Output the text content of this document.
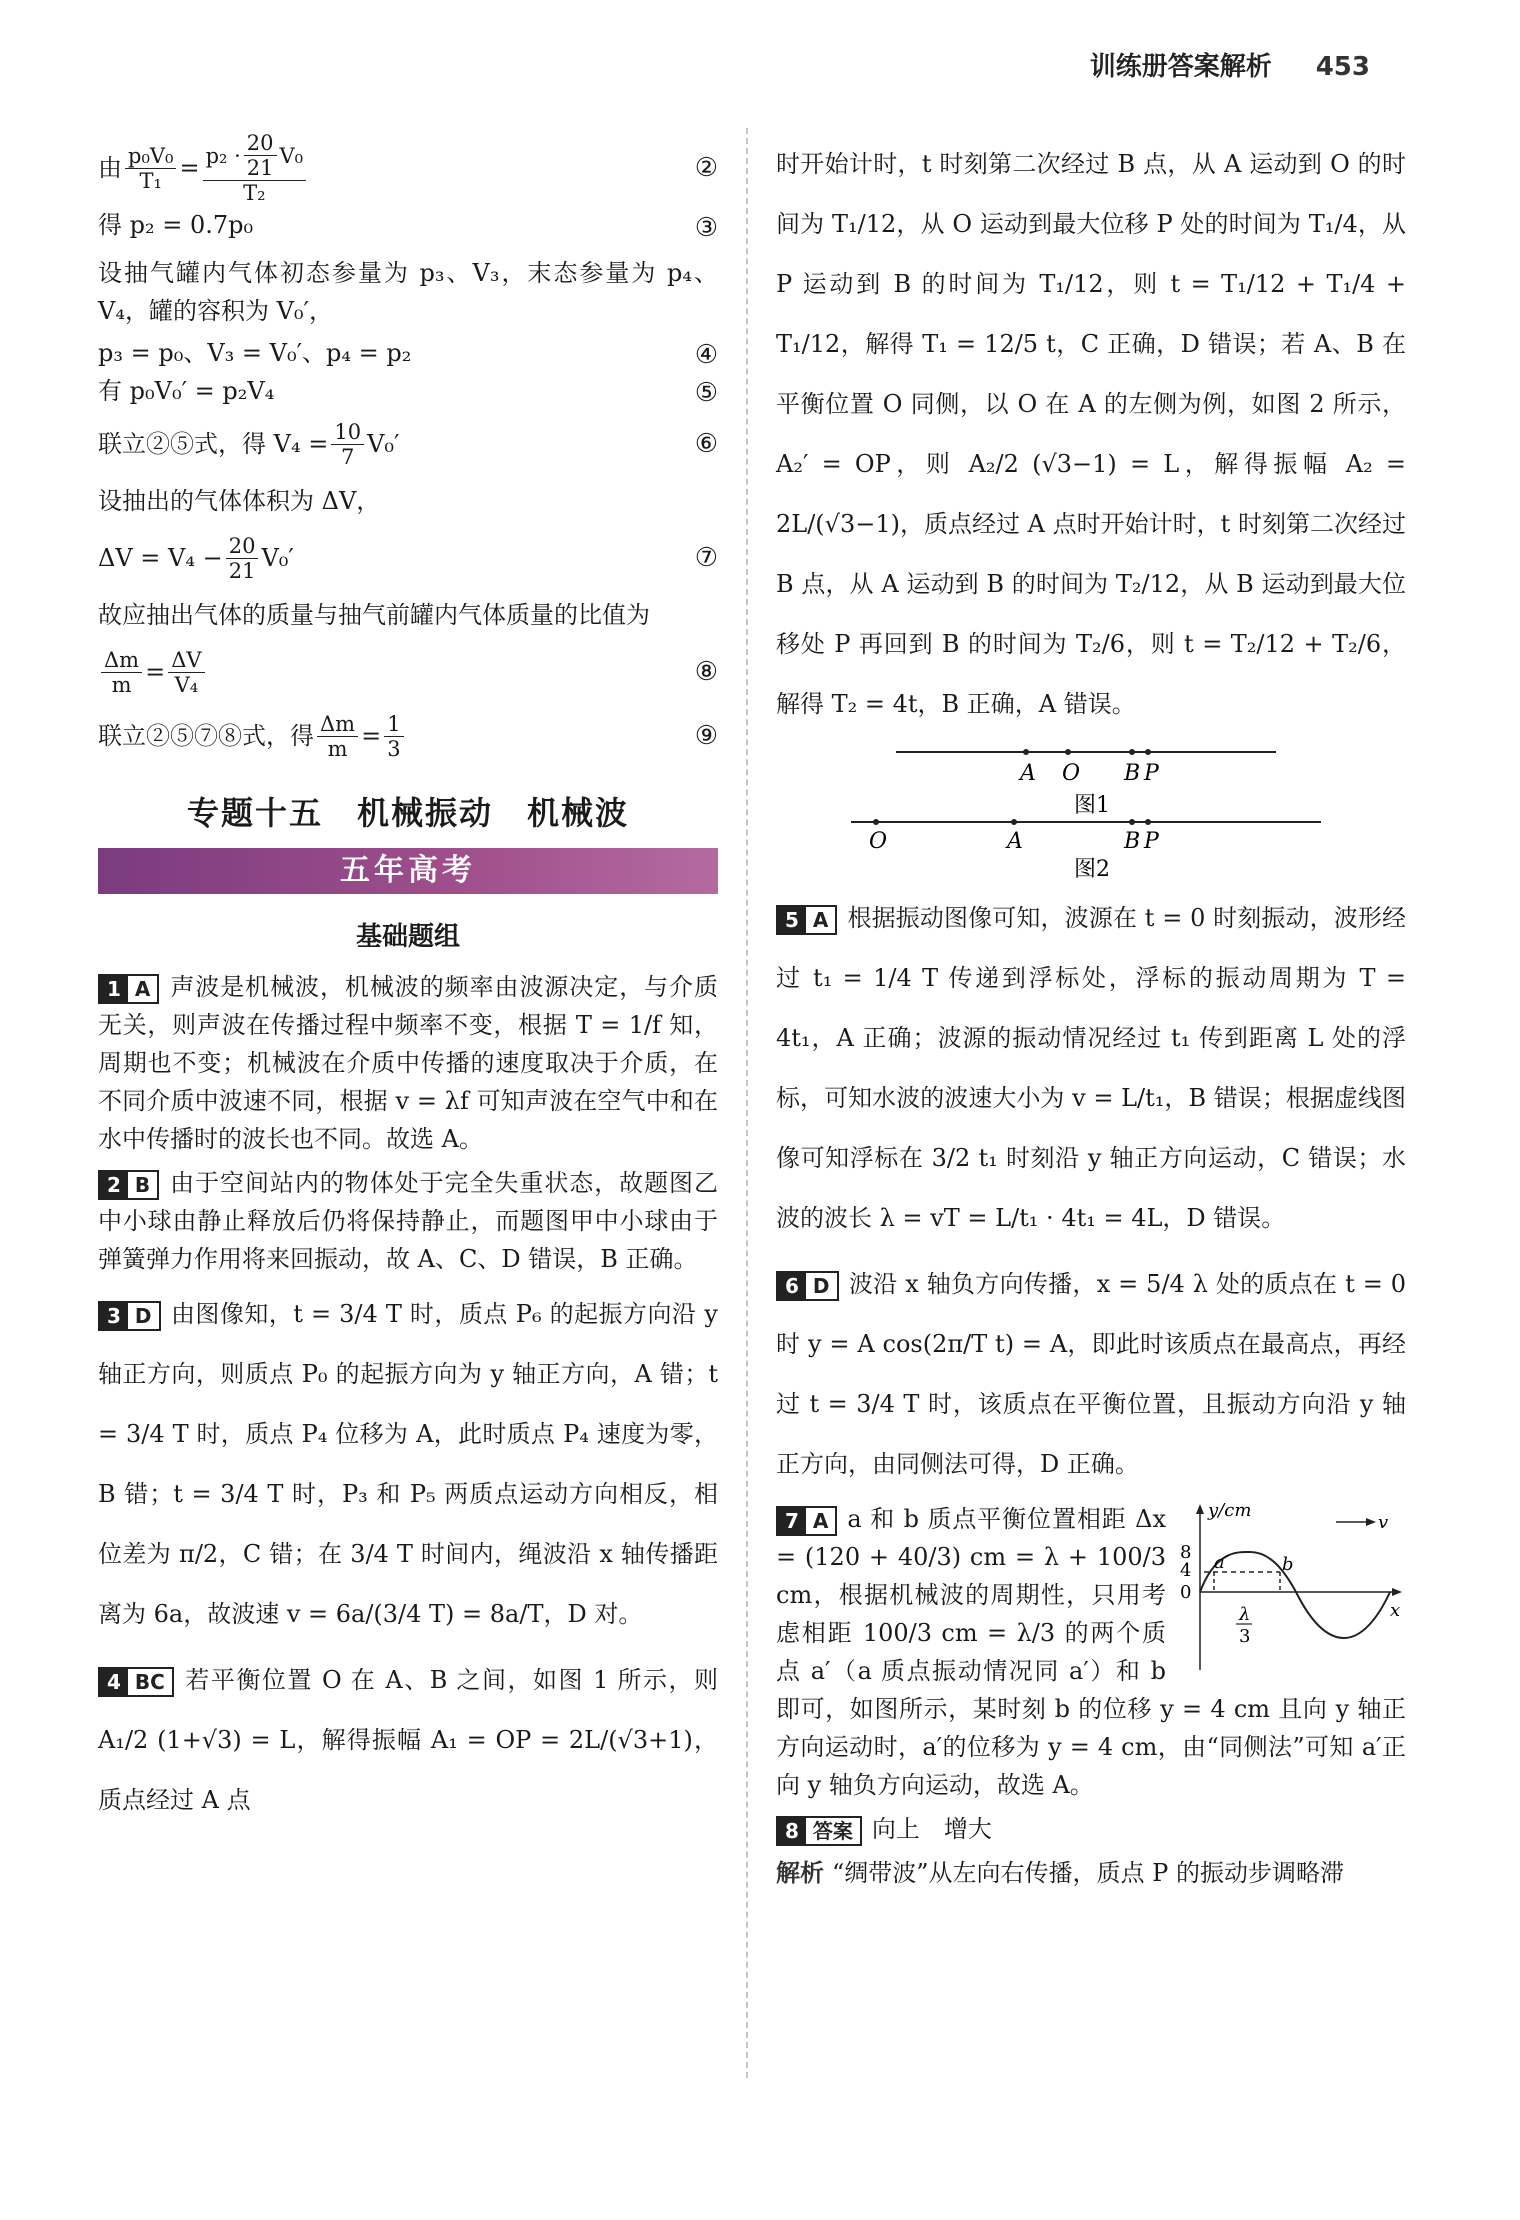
训练册答案解析 453
由 $\frac{\text{p₀V₀}}{\text{T₁}} = \frac{p_2 \cdot \frac{20}{21} V_0}{\text{T₂}}$	②
得 p₂ = 0.7p₀	③

设抽气罐内气体初态参量为 p₃、V₃，末态参量为 p₄、V₄，罐的容积为 V₀′，

p₃ = p₀、V₃ = V₀′、p₄ = p₂	④
有 p₀V₀′ = p₂V₄	⑤
联立②⑤式，得 $V_4 = \frac{10}{7} V_0'$	⑥

设抽出的气体体积为 ΔV，

$\Delta V = V_4 - \frac{20}{21} V_0'$	⑦

故应抽出气体的质量与抽气前罐内气体质量的比值为

$\frac{\Delta m}{m} = \frac{\Delta V}{\text{V₄}}$	⑧
联立②⑤⑦⑧式，得 $\frac{\Delta m}{m} = \frac{1}{3}$	⑨
专题十五　机械振动　机械波
五年高考
基础题组

1 A 声波是机械波，机械波的频率由波源决定，与介质无关，则声波在传播过程中频率不变，根据 T = 1/f 知，周期也不变；机械波在介质中传播的速度取决于介质，在不同介质中波速不同，根据 v = λf 可知声波在空气中和在水中传播时的波长也不同。故选 A。

2 B 由于空间站内的物体处于完全失重状态，故题图乙中小球由静止释放后仍将保持静止，而题图甲中小球由于弹簧弹力作用将来回振动，故 A、C、D 错误，B 正确。

3 D 由图像知，t = 3/4 T 时，质点 P₆ 的起振方向沿 y 轴正方向，则质点 P₀ 的起振方向为 y 轴正方向，A 错；t = 3/4 T 时，质点 P₄ 位移为 A，此时质点 P₄ 速度为零，B 错；t = 3/4 T 时，P₃ 和 P₅ 两质点运动方向相反，相位差为 π/2，C 错；在 3/4 T 时间内，绳波沿 x 轴传播距离为 6a，故波速 v = 6a/(3/4 T) = 8a/T，D 对。

4 BC 若平衡位置 O 在 A、B 之间，如图 1 所示，则 A₁/2 (1+√3) = L，解得振幅 A₁ = OP = 2L/(√3+1)，质点经过 A 点

时开始计时，t 时刻第二次经过 B 点，从 A 运动到 O 的时间为 T₁/12，从 O 运动到最大位移 P 处的时间为 T₁/4，从 P 运动到 B 的时间为 T₁/12，则 t = T₁/12 + T₁/4 + T₁/12，解得 T₁ = 12/5 t，C 正确，D 错误；若 A、B 在平衡位置 O 同侧，以 O 在 A 的左侧为例，如图 2 所示，A₂′ = OP，则 A₂/2 (√3−1) = L，解得振幅 A₂ = 2L/(√3−1)，质点经过 A 点时开始计时，t 时刻第二次经过 B 点，从 A 运动到 B 的时间为 T₂/12，从 B 运动到最大位移处 P 再回到 B 的时间为 T₂/6，则 t = T₂/12 + T₂/6，解得 T₂ = 4t，B 正确，A 错误。

A O B P
图1
O	A	B P
图2

5 A 根据振动图像可知，波源在 t = 0 时刻振动，波形经过 t₁ = 1/4 T 传递到浮标处，浮标的振动周期为 T = 4t₁，A 正确；波源的振动情况经过 t₁ 传到距离 L 处的浮标，可知水波的波速大小为 v = L/t₁，B 错误；根据虚线图像可知浮标在 3/2 t₁ 时刻沿 y 轴正方向运动，C 错误；水波的波长 λ = vT = L/t₁ · 4t₁ = 4L，D 错误。

6 D 波沿 x 轴负方向传播，x = 5/4 λ 处的质点在 t = 0 时 y = A cos(2π/T t) = A，即此时该质点在最高点，再经过 t = 3/4 T 时，该质点在平衡位置，且振动方向沿 y 轴正方向，由同侧法可得，D 正确。

y/cm
8
4
0
a′	b
v
x
λ
3

7 A a 和 b 质点平衡位置相距 Δx = (120 + 40/3) cm = λ + 100/3 cm，根据机械波的周期性，只用考虑相距 100/3 cm = λ/3 的两个质点 a′（a 质点振动情况同 a′）和 b 即可，如图所示，某时刻 b 的位移 y = 4 cm 且向 y 轴正方向运动时，a′的位移为 y = 4 cm，由“同侧法”可知 a′正向 y 轴负方向运动，故选 A。

8 答案 向上　增大

解析 “绸带波”从左向右传播，质点 P 的振动步调略滞
